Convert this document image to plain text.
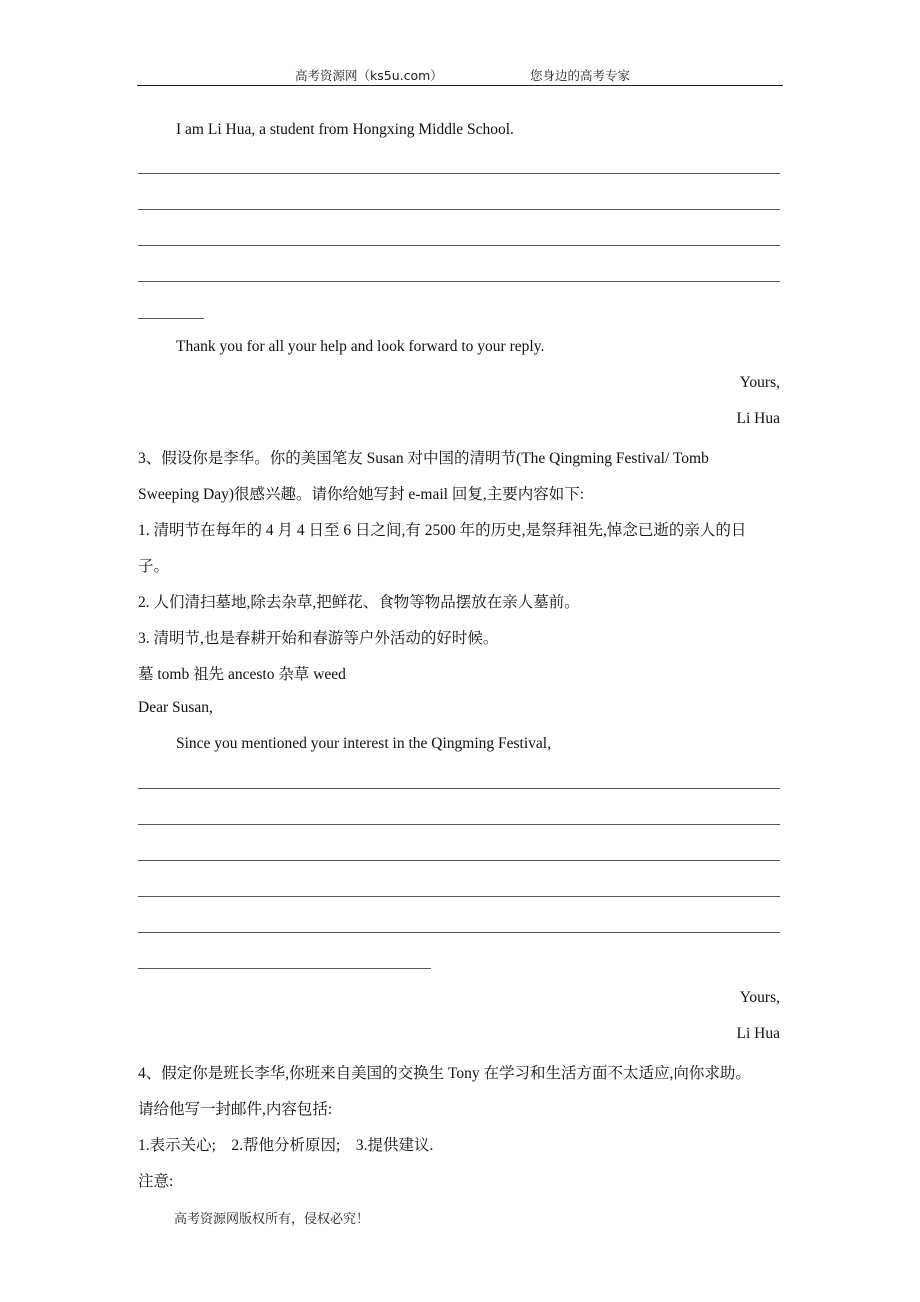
高考资源网（ks5u.com）	您身边的高考专家
I am Li Hua, a student from Hongxing Middle School.
Thank you for all your help and look forward to your reply.
Yours,
Li Hua
3、假设你是李华。你的美国笔友 Susan 对中国的清明节(The Qingming Festival/ Tomb
Sweeping Day)很感兴趣。请你给她写封 e-mail 回复,主要内容如下:
1. 清明节在每年的 4 月 4 日至 6 日之间,有 2500 年的历史,是祭拜祖先,悼念已逝的亲人的日
子。
2. 人们清扫墓地,除去杂草,把鲜花、食物等物品摆放在亲人墓前。
3. 清明节,也是春耕开始和春游等户外活动的好时候。
墓 tomb 祖先 ancesto 杂草 weed
Dear Susan,
Since you mentioned your interest in the Qingming Festival,
Yours,
Li Hua
4、假定你是班长李华,你班来自美国的交换生 Tony 在学习和生活方面不太适应,向你求助。
请给他写一封邮件,内容包括:
1.表示关心;    2.帮他分析原因;    3.提供建议.
注意:
高考资源网版权所有，侵权必究！
